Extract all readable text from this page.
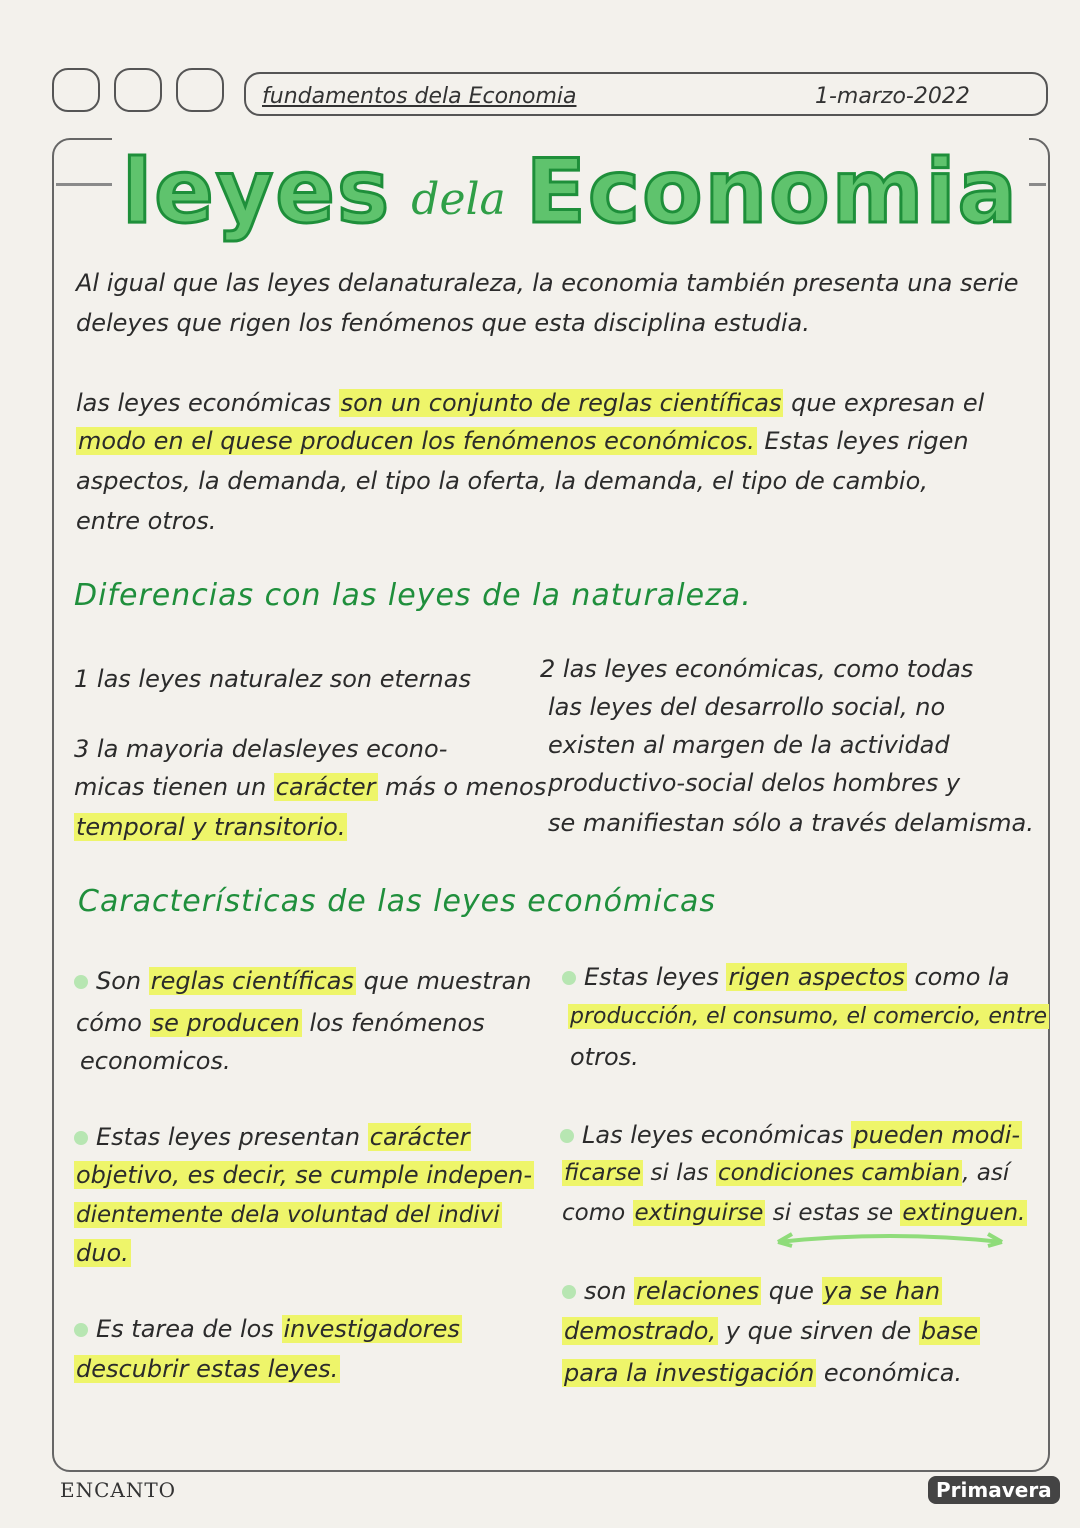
fundamentos dela Economia	1-marzo-2022
leyes dela Economia
Al igual que las leyes delanaturaleza, la economia también presenta una serie
deleyes que rigen los fenómenos que esta disciplina estudia.
las leyes económicas son un conjunto de reglas científicas que expresan el
modo en el quese producen los fenómenos económicos. Estas leyes rigen
aspectos, la demanda, el tipo la oferta, la demanda, el tipo de cambio,
entre otros.
Diferencias con las leyes de la naturaleza.
1 las leyes naturalez son eternas	2 las leyes económicas, como todas
las leyes del desarrollo social, no
existen al margen de la actividad
productivo-social delos hombres y
se manifiestan sólo a través delamisma.
3 la mayoria delasleyes econo-
micas tienen un carácter más o menos
temporal y transitorio.
Características de las leyes económicas
Son reglas científicas que muestran
cómo se producen los fenómenos
economicos.
Estas leyes rigen aspectos como la
producción, el consumo, el comercio, entre
otros.
Estas leyes presentan carácter
objetivo, es decir, se cumple indepen-
dientemente dela voluntad del indivi
duo.
Las leyes económicas pueden modi-
ficarse si las condiciones cambian, así
como extinguirse si estas se extinguen.
Es tarea de los investigadores
descubrir estas leyes.
son relaciones que ya se han
demostrado, y que sirven de base
para la investigación económica.
ENCANTO	Primavera
